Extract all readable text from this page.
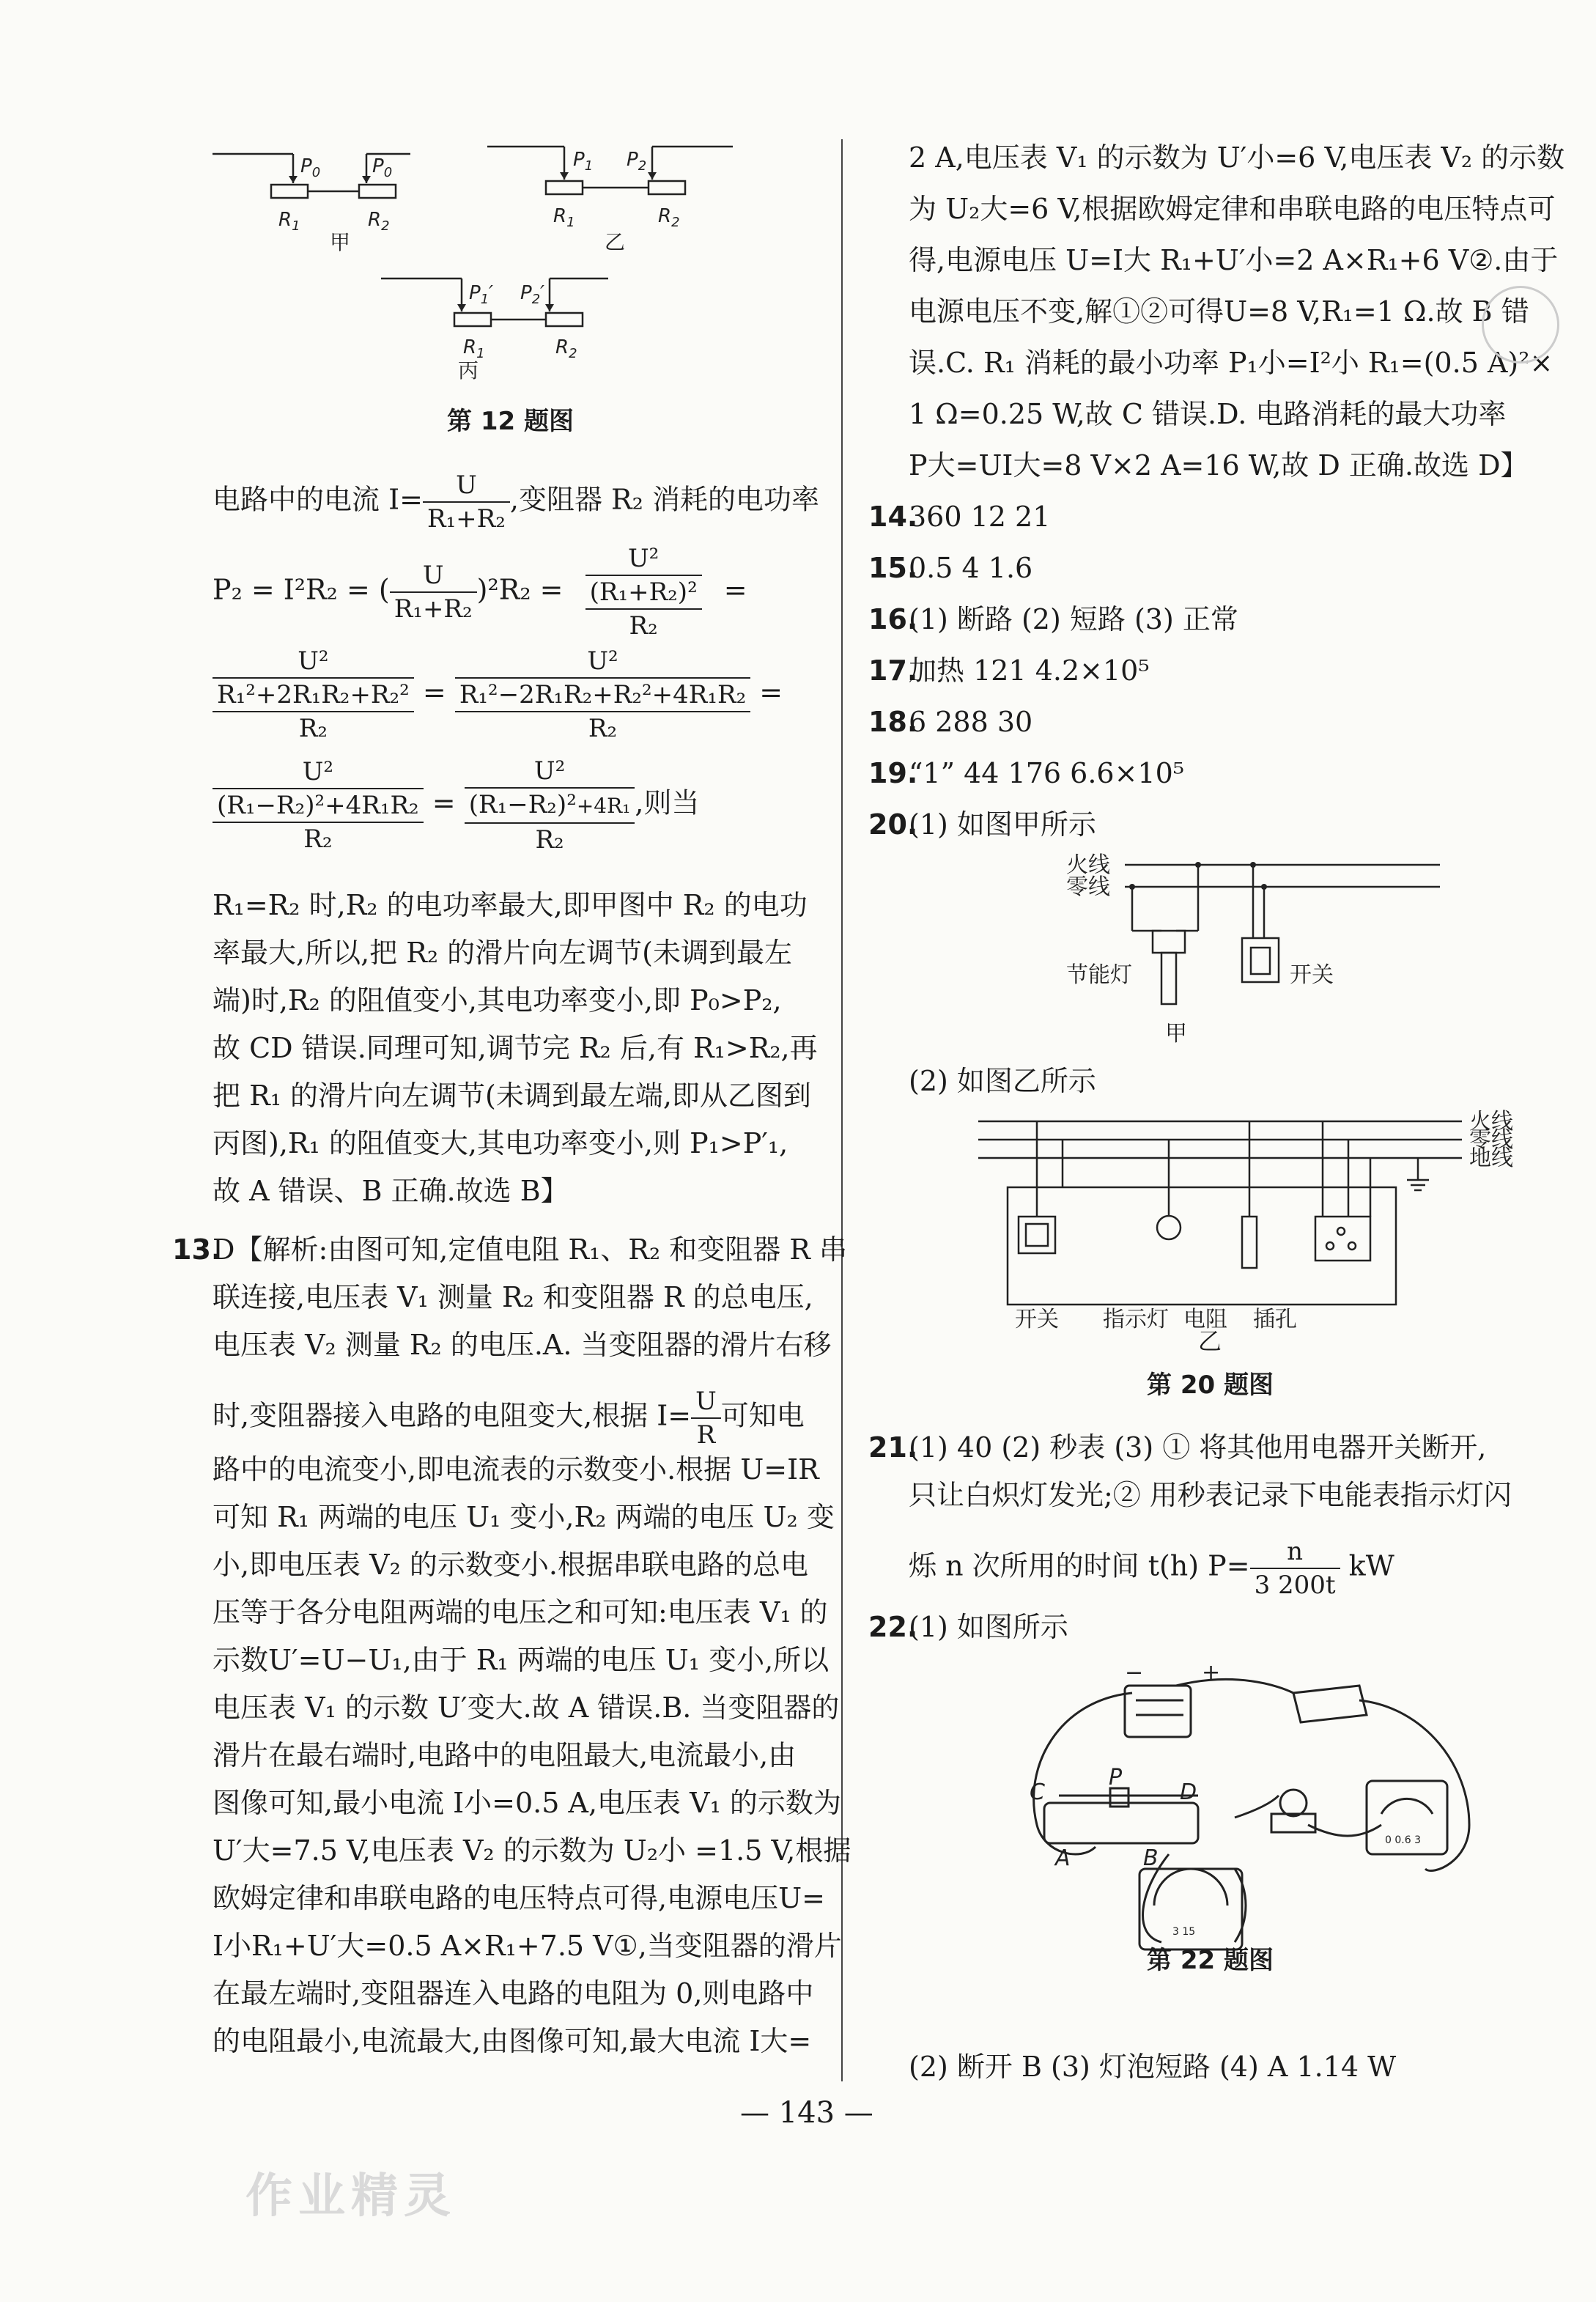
$P_0$	$P_0$
$R_1$	$R_2$
$P_1$ $P_2$
$R_1$	$R_2$
$P_1'$ $P_2'$
$R_1$	$R_2$
甲	乙
丙
第 12 题图
电路中的电流 $I= \frac{U}{\text{R₁+R₂}}$ ,变阻器 R₂ 消耗的电功率
P₂ = I²R₂ = ( $\frac{U}{\text{R₁+R₂}} )^2R_2$ =
U²
(R₁+R₂)²
R₂
=
U²
R₁²+2R₁R₂+R₂²
R₂
=
U²
R₁²−2R₁R₂+R₂²+4R₁R₂
R₂
=
U²
(R₁−R₂)²+4R₁R₂
R₂
=
U²
(R₁−R₂)²+4R₁
R₂
,则当
R₁=R₂ 时,R₂ 的电功率最大,即甲图中 R₂ 的电功
率最大,所以,把 R₂ 的滑片向左调节(未调到最左
端)时,R₂ 的阻值变小,其电功率变小,即 P₀>P₂,
故 CD 错误.同理可知,调节完 R₂ 后,有 R₁>R₂,再
把 R₁ 的滑片向左调节(未调到最左端,即从乙图到
丙图),R₁ 的阻值变大,其电功率变小,则 P₁>P′₁,
故 A 错误、B 正确.故选 B】
13.
D【解析:由图可知,定值电阻 R₁、R₂ 和变阻器 R 串
联连接,电压表 V₁ 测量 R₂ 和变阻器 R 的总电压,
电压表 V₂ 测量 R₂ 的电压.A. 当变阻器的滑片右移
时,变阻器接入电路的电阻变大,根据 $I= \frac{U}{R}$ 可知电
路中的电流变小,即电流表的示数变小.根据 U=IR
可知 R₁ 两端的电压 U₁ 变小,R₂ 两端的电压 U₂ 变
小,即电压表 V₂ 的示数变小.根据串联电路的总电
压等于各分电阻两端的电压之和可知:电压表 V₁ 的
示数U′=U−U₁,由于 R₁ 两端的电压 U₁ 变小,所以
电压表 V₁ 的示数 U′变大.故 A 错误.B. 当变阻器的
滑片在最右端时,电路中的电阻最大,电流最小,由
图像可知,最小电流 I小=0.5 A,电压表 V₁ 的示数为
U′大=7.5 V,电压表 V₂ 的示数为 U₂小 =1.5 V,根据
欧姆定律和串联电路的电压特点可得,电源电压U=
I小R₁+U′大=0.5 A×R₁+7.5 V①,当变阻器的滑片
在最左端时,变阻器连入电路的电阻为 0,则电路中
的电阻最小,电流最大,由图像可知,最大电流 I大=
2 A,电压表 V₁ 的示数为 U′小=6 V,电压表 V₂ 的示数
为 U₂大=6 V,根据欧姆定律和串联电路的电压特点可
得,电源电压 U=I大 R₁+U′小=2 A×R₁+6 V②.由于
电源电压不变,解①②可得U=8 V,R₁=1 Ω.故 B 错
误.C. R₁ 消耗的最小功率 P₁小=I²小 R₁=(0.5 A)²×
1 Ω=0.25 W,故 C 错误.D. 电路消耗的最大功率
P大=UI大=8 V×2 A=16 W,故 D 正确.故选 D】
14.
360 12 21
15.
0.5 4 1.6
16.
(1) 断路 (2) 短路 (3) 正常
17.
加热 121 4.2×10⁵
18.
6 288 30
19.
“1” 44 176 6.6×10⁵
20.
(1) 如图甲所示
火线
零线
节能灯	开关
甲
(2) 如图乙所示
火线
零线
地线
开关 指示灯 电阻 插孔
乙
第 20 题图
21.
(1) 40 (2) 秒表 (3) ① 将其他用电器开关断开,
只让白炽灯发光;② 用秒表记录下电能表指示灯闪
烁 n 次所用的时间 t(h) $P= \frac{n}{3 200t}$ kW
22.
(1) 如图所示
−	+
C
P
D
A	B
0 0.6 3
3 15
第 22 题图
(2) 断开 B (3) 灯泡短路 (4) A 1.14 W
— 143 —
作业精灵
